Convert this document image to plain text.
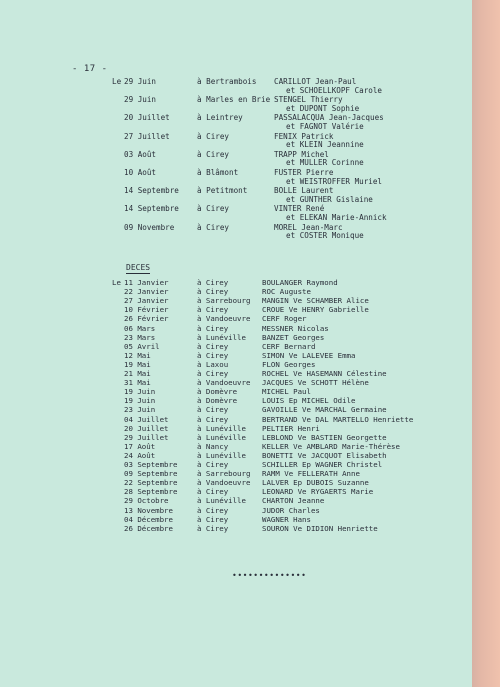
- 17 -
Le 29 Juin	à Bertrambois CARILLOT Jean-Paul
et SCHOELLKOPF Carole
29 Juin	à Marles en Brie STENGEL Thierry
et DUPONT Sophie
20 Juillet	à Leintrey	PASSALACQUA Jean-Jacques
et FAGNOT Valérie
27 Juillet	à Cirey	FENIX Patrick
et KLEIN Jeannine
03 Août	à Cirey	TRAPP Michel
et MULLER Corinne
10 Août	à Blâmont	FUSTER Pierre
et WEISTROFFER Muriel
14 Septembre à Petitmont	BOLLE Laurent
et GUNTHER Gislaine
14 Septembre à Cirey	VINTER René
et ELEKAN Marie-Annick
09 Novembre	à Cirey	MOREL Jean-Marc
et COSTER Monique
DECES
Le 11 Janvier	à Cirey	BOULANGER Raymond
22 Janvier	à Cirey	ROC Auguste
27 Janvier	à Sarrebourg MANGIN Ve SCHAMBER Alice
10 Février	à Cirey	CROUE Ve HENRY Gabrielle
26 Février	à Vandoeuvre CERF Roger
06 Mars	à Cirey	MESSNER Nicolas
23 Mars	à Lunéville BANZET Georges
05 Avril	à Cirey	CERF Bernard
12 Mai	à Cirey	SIMON Ve LALEVEE Emma
19 Mai	à Laxou	FLON Georges
21 Mai	à Cirey	ROCHEL Ve HASEMANN Célestine
31 Mai	à Vandoeuvre JACQUES Ve SCHOTT Hélène
19 Juin	à Domèvre	MICHEL Paul
19 Juin	à Domèvre	LOUIS Ep MICHEL Odile
23 Juin	à Cirey	GAVOILLE Ve MARCHAL Germaine
04 Juillet	à Cirey	BERTRAND Ve DAL MARTELLO Henriette
20 Juillet	à Lunéville PELTIER Henri
29 Juillet	à Lunéville LEBLOND Ve BASTIEN Georgette
17 Août	à Nancy	KELLER Ve AMBLARD Marie-Thérèse
24 Août	à Lunéville BONETTI Ve JACQUOT Elisabeth
03 Septembre	à Cirey	SCHILLER Ep WAGNER Christel
09 Septembre	à Sarrebourg RAMM Ve FELLERATH Anne
22 Septembre	à Vandoeuvre LALVER Ep DUBOIS Suzanne
28 Septembre	à Cirey	LEONARD Ve RYGAERTS Marie
29 Octobre	à Lunéville CHARTON Jeanne
13 Novembre	à Cirey	JUDOR Charles
04 Décembre	à Cirey	WAGNER Hans
26 Décembre	à Cirey	SOURON Ve DIDION Henriette
••••••••••••••
